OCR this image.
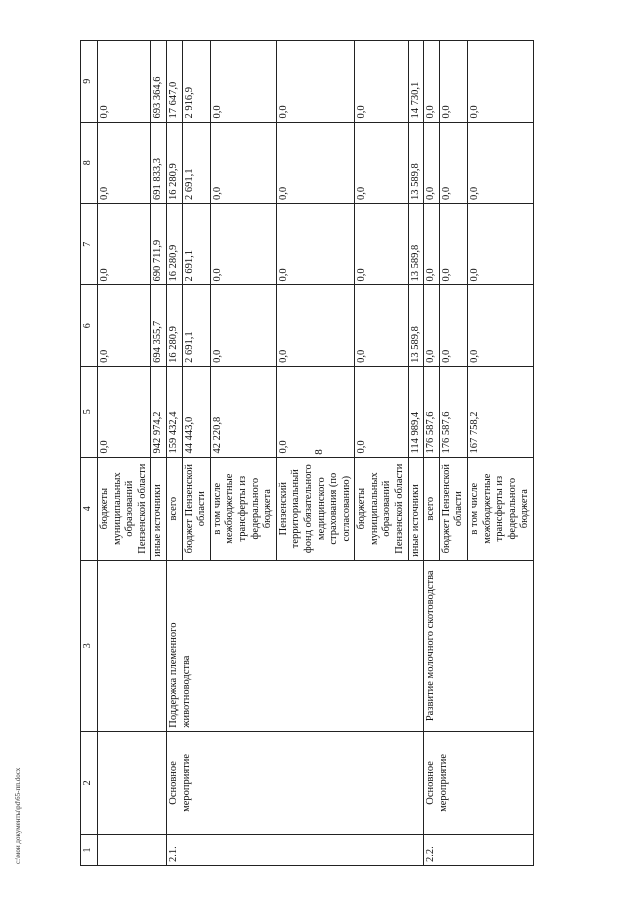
8
c:\мои документы\pd\65-пп.docx	1	2	3	4	5	6	7	8	9
			бюджеты муниципальных образований Пензенской области	0,0	0,0	0,0	0,0	0,0
			иные источники	942 974,2	694 355,7	690 711,9	691 833,3	693 364,6
2.1.	Основное мероприятие	Поддержка племенного животноводства	всего	159 432,4	16 280,9	16 280,9	16 280,9	17 647,0
			бюджет Пензенской области	44 443,0	2 691,1	2 691,1	2 691,1	2 916,9
			в том числе межбюджетные трансферты из федерального бюджета	42 220,8	0,0	0,0	0,0	0,0
			Пензенский территориальный фонд обязательного медицинского страхования (по согласованию)	0,0	0,0	0,0	0,0	0,0
			бюджеты муниципальных образований Пензенской области	0,0	0,0	0,0	0,0	0,0
			иные источники	114 989,4	13 589,8	13 589,8	13 589,8	14 730,1
2.2.	Основное мероприятие	Развитие молочного скотоводства	всего	176 587,6	0,0	0,0	0,0	0,0
			бюджет Пензенской области	176 587,6	0,0	0,0	0,0	0,0
			в том числе межбюджетные трансферты из федерального бюджета	167 758,2	0,0	0,0	0,0	0,0
